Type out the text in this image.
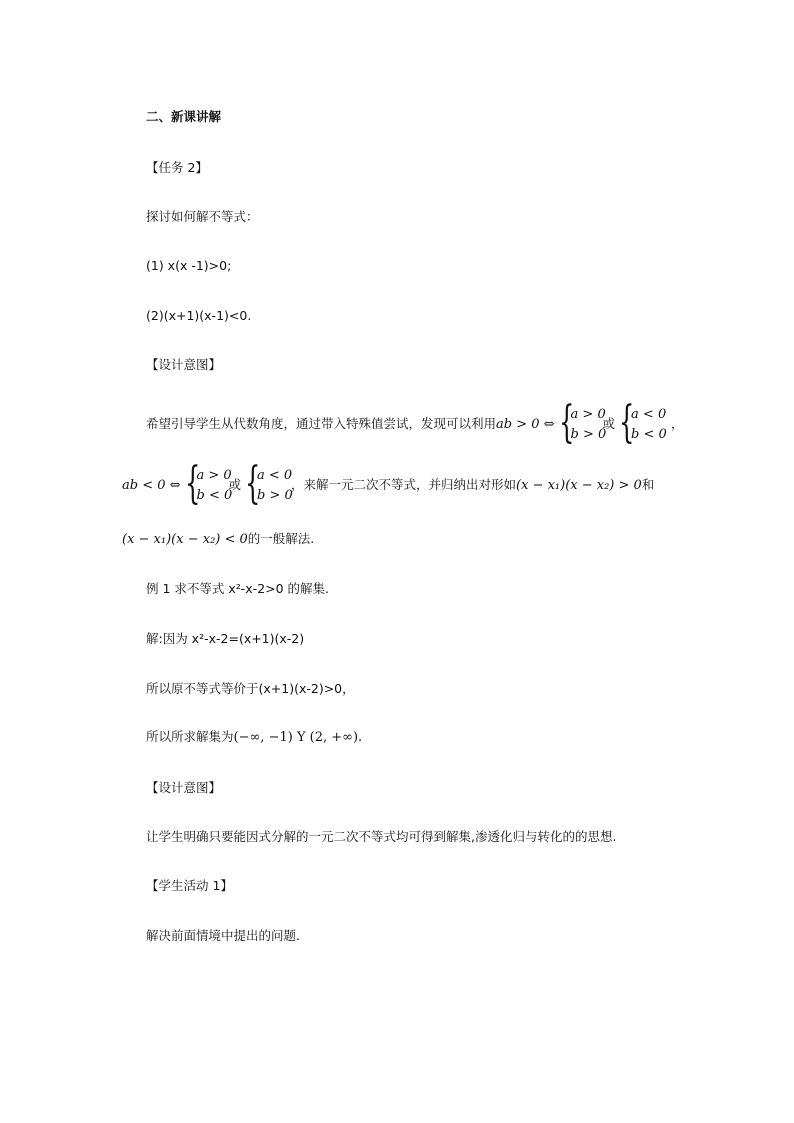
二、新课讲解
【任务 2】
探讨如何解不等式：
(1) x(x -1)>0;
(2)(x+1)(x-1)<0.
【设计意图】
希望引导学生从代数角度，通过带入特殊值尝试，发现可以利用ab > 0 ⇔ {
a > 0
b > 0
或 {
a < 0
b < 0
，
ab < 0 ⇔ {
a > 0
b < 0
或 {
a < 0
b > 0
，来解一元二次不等式，并归纳出对形如(x − x₁)(x − x₂) > 0和
(x − x₁)(x − x₂) < 0的一般解法.
例 1 求不等式 x²-x-2>0 的解集.
解:因为 x²-x-2=(x+1)(x-2)
所以原不等式等价于(x+1)(x-2)>0，
所以所求解集为(−∞, −1) Y (2, +∞).
【设计意图】
让学生明确只要能因式分解的一元二次不等式均可得到解集,渗透化归与转化的的思想.
【学生活动 1】
解决前面情境中提出的问题.
